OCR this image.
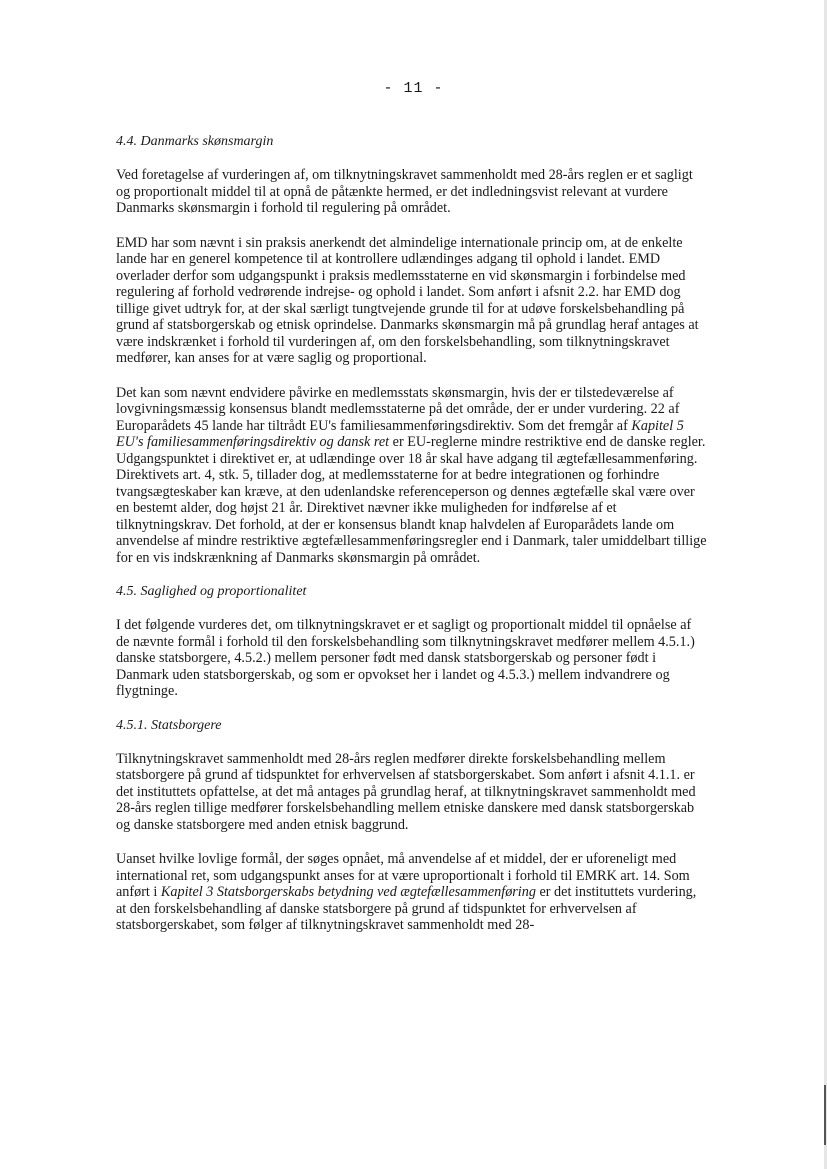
- 11 -
4.4. Danmarks skønsmargin

Ved foretagelse af vurderingen af, om tilknytningskravet sammenholdt med 28-års reglen er et sagligt og proportionalt middel til at opnå de påtænkte hermed, er det indledningsvist relevant at vurdere Danmarks skønsmargin i forhold til regulering på området.

EMD har som nævnt i sin praksis anerkendt det almindelige internationale princip om, at de enkelte lande har en generel kompetence til at kontrollere udlændinges adgang til ophold i landet. EMD overlader derfor som udgangspunkt i praksis medlemsstaterne en vid skønsmargin i forbindelse med regulering af forhold vedrørende indrejse- og ophold i landet. Som anført i afsnit 2.2. har EMD dog tillige givet udtryk for, at der skal særligt tungtvejende grunde til for at udøve forskelsbehandling på grund af statsborgerskab og etnisk oprindelse. Danmarks skønsmargin må på grundlag heraf antages at være indskrænket i forhold til vurderingen af, om den forskelsbehandling, som tilknytningskravet medfører, kan anses for at være saglig og proportional.

Det kan som nævnt endvidere påvirke en medlemsstats skønsmargin, hvis der er tilstedeværelse af lovgivningsmæssig konsensus blandt medlemsstaterne på det område, der er under vurdering. 22 af Europarådets 45 lande har tiltrådt EU's familiesammenføringsdirektiv. Som det fremgår af Kapitel 5 EU's familiesammenføringsdirektiv og dansk ret er EU-reglerne mindre restriktive end de danske regler. Udgangspunktet i direktivet er, at udlændinge over 18 år skal have adgang til ægtefællesammenføring. Direktivets art. 4, stk. 5, tillader dog, at medlemsstaterne for at bedre integrationen og forhindre tvangsægteskaber kan kræve, at den udenlandske referenceperson og dennes ægtefælle skal være over en bestemt alder, dog højst 21 år. Direktivet nævner ikke muligheden for indførelse af et tilknytningskrav. Det forhold, at der er konsensus blandt knap halvdelen af Europarådets lande om anvendelse af mindre restriktive ægtefællesammenføringsregler end i Danmark, taler umiddelbart tillige for en vis indskrænkning af Danmarks skønsmargin på området.

4.5. Saglighed og proportionalitet

I det følgende vurderes det, om tilknytningskravet er et sagligt og proportionalt middel til opnåelse af de nævnte formål i forhold til den forskelsbehandling som tilknytningskravet medfører mellem 4.5.1.) danske statsborgere, 4.5.2.) mellem personer født med dansk statsborgerskab og personer født i Danmark uden statsborgerskab, og som er opvokset her i landet og 4.5.3.) mellem indvandrere og flygtninge.

4.5.1. Statsborgere

Tilknytningskravet sammenholdt med 28-års reglen medfører direkte forskelsbehandling mellem statsborgere på grund af tidspunktet for erhvervelsen af statsborgerskabet. Som anført i afsnit 4.1.1. er det instituttets opfattelse, at det må antages på grundlag heraf, at tilknytningskravet sammenholdt med 28-års reglen tillige medfører forskelsbehandling mellem etniske danskere med dansk statsborgerskab og danske statsborgere med anden etnisk baggrund.

Uanset hvilke lovlige formål, der søges opnået, må anvendelse af et middel, der er uforeneligt med international ret, som udgangspunkt anses for at være uproportionalt i forhold til EMRK art. 14. Som anført i Kapitel 3 Statsborgerskabs betydning ved ægtefællesammenføring er det instituttets vurdering, at den forskelsbehandling af danske statsborgere på grund af tidspunktet for erhvervelsen af statsborgerskabet, som følger af tilknytningskravet sammenholdt med 28-
